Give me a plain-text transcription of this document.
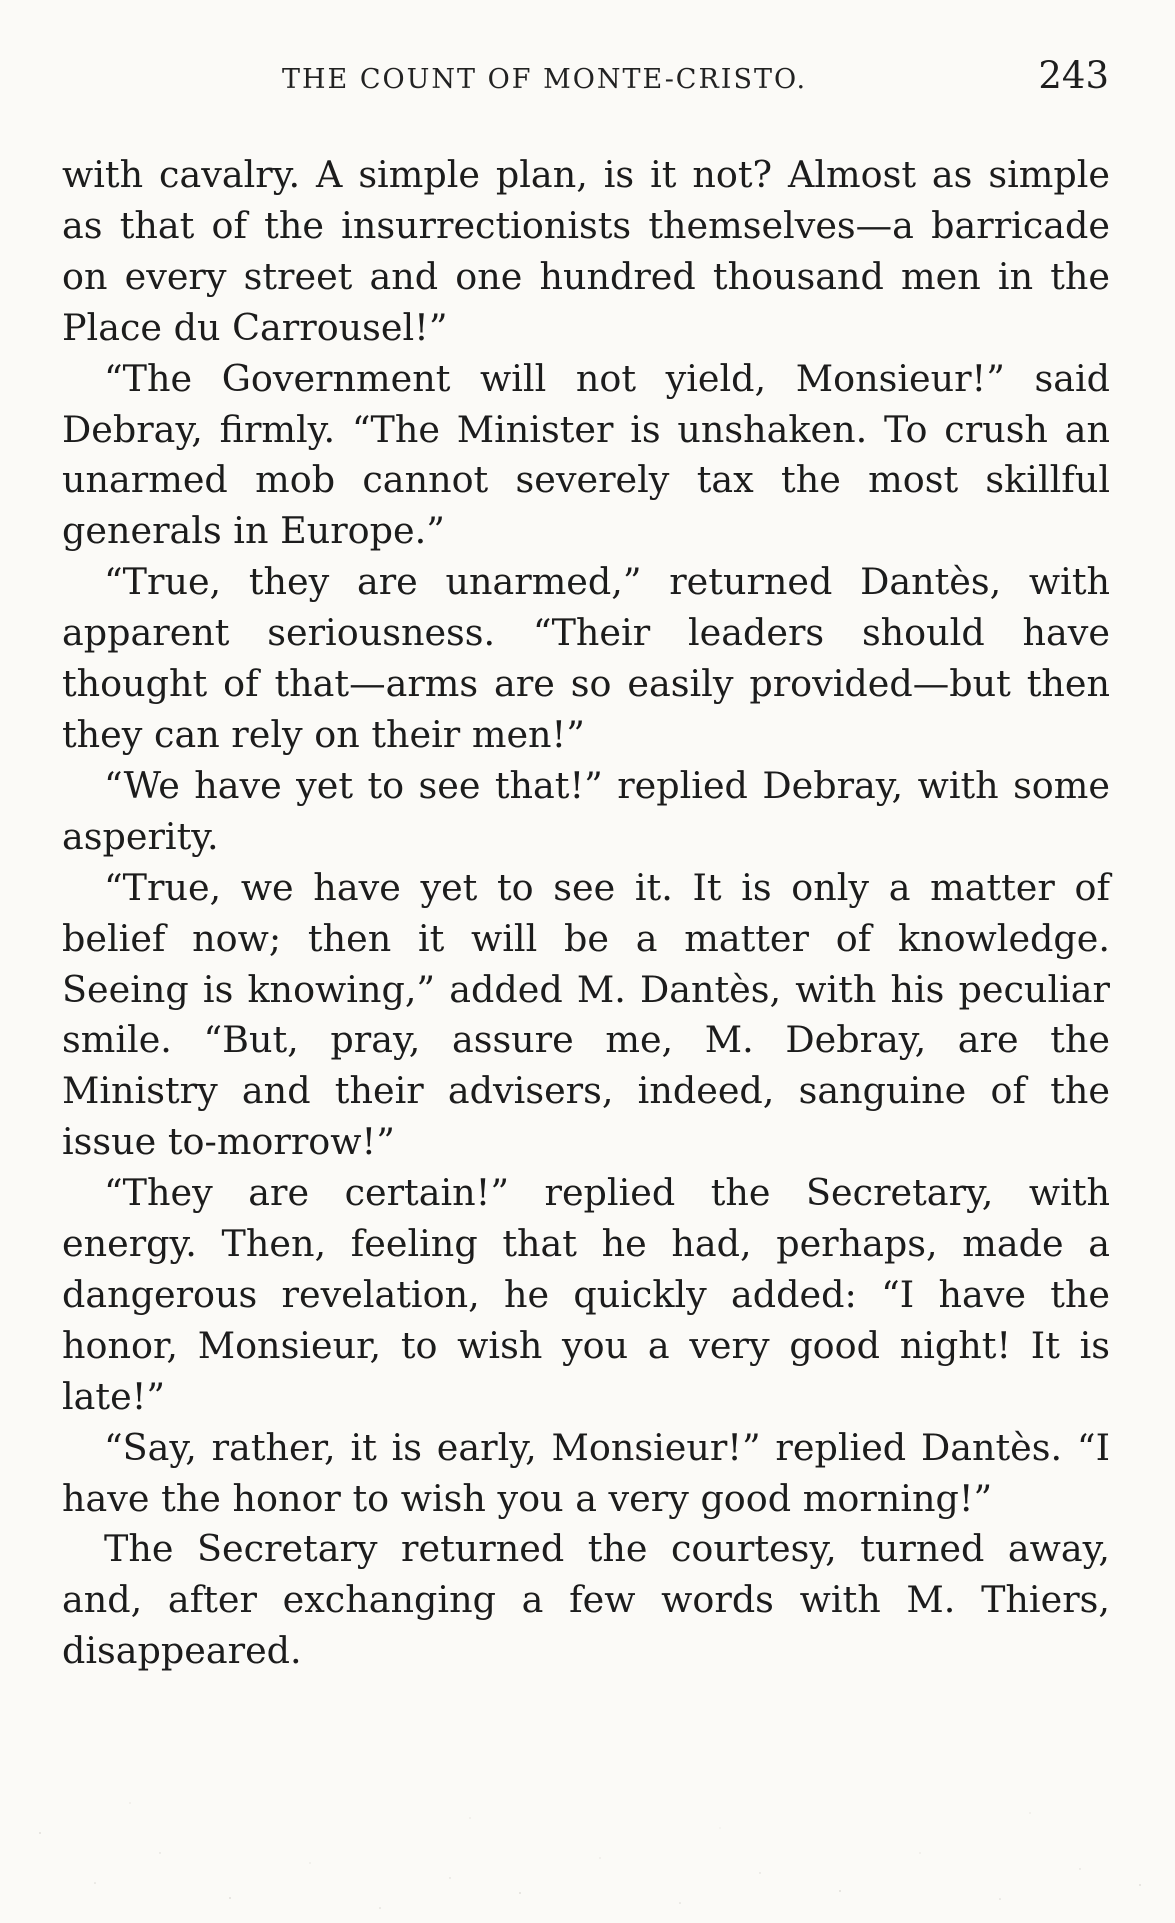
THE COUNT OF MONTE-CRISTO.	243

with cavalry. A simple plan, is it not? Almost as simple as that of the insurrectionists themselves—a barricade on every street and one hundred thousand men in the Place du Carrousel!”

“The Government will not yield, Monsieur!” said Debray, firmly. “The Minister is unshaken. To crush an unarmed mob cannot severely tax the most skillful generals in Europe.”

“True, they are unarmed,” returned Dantès, with apparent seriousness. “Their leaders should have thought of that—arms are so easily provided—but then they can rely on their men!”

“We have yet to see that!” replied Debray, with some asperity.

“True, we have yet to see it. It is only a matter of belief now; then it will be a matter of knowledge. Seeing is knowing,” added M. Dantès, with his peculiar smile. “But, pray, assure me, M. Debray, are the Ministry and their advisers, indeed, sanguine of the issue to-morrow!”

“They are certain!” replied the Secretary, with energy. Then, feeling that he had, perhaps, made a dangerous revelation, he quickly added: “I have the honor, Monsieur, to wish you a very good night! It is late!”

“Say, rather, it is early, Monsieur!” replied Dantès. “I have the honor to wish you a very good morning!”

The Secretary returned the courtesy, turned away, and, after exchanging a few words with M. Thiers, disappeared.
